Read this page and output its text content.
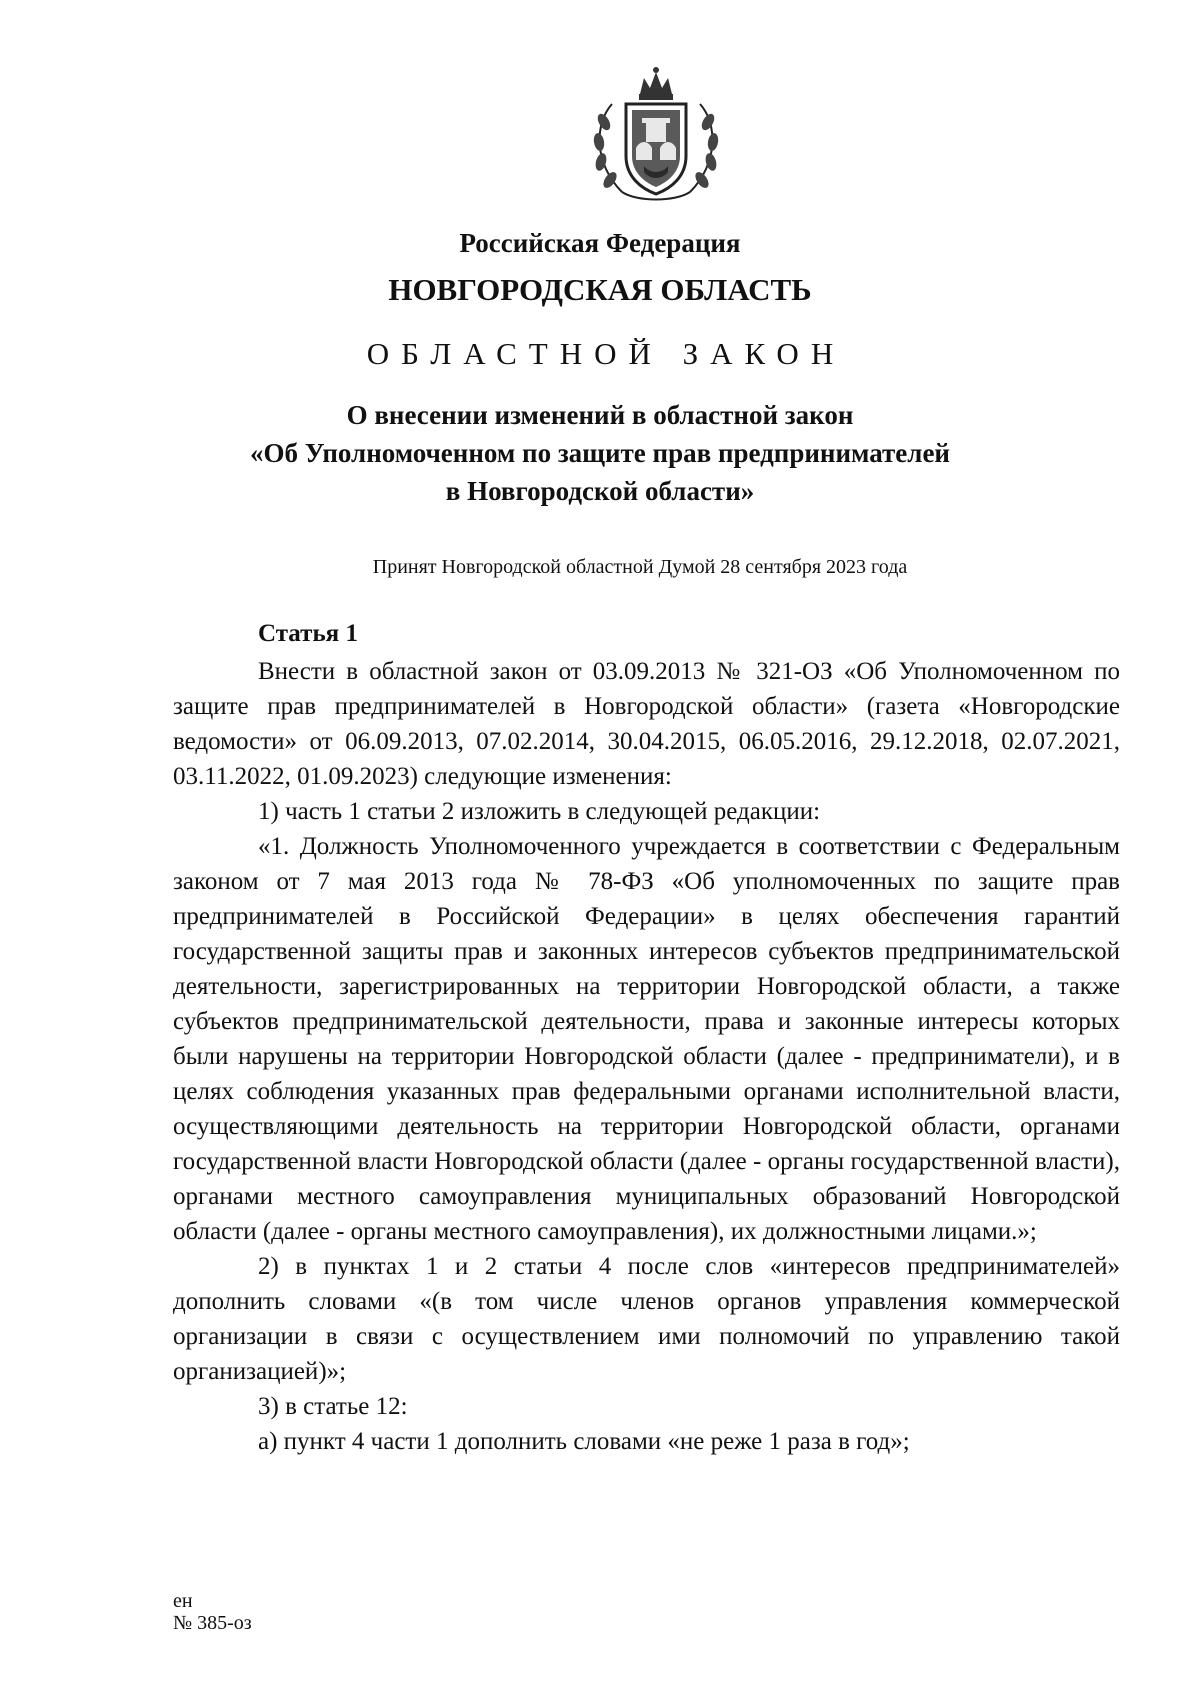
Российская Федерация

НОВГОРОДСКАЯ ОБЛАСТЬ

ОБЛАСТНОЙ ЗАКОН

О внесении изменений в областной закон
«Об Уполномоченном по защите прав предпринимателей
в Новгородской области»

Принят Новгородской областной Думой 28 сентября 2023 года

Статья 1

Внести в областной закон от 03.09.2013 № 321-ОЗ «Об Уполномоченном по защите прав предпринимателей в Новгородской области» (газета «Новгородские ведомости» от 06.09.2013, 07.02.2014, 30.04.2015, 06.05.2016, 29.12.2018, 02.07.2021, 03.11.2022, 01.09.2023) следующие изменения:

1) часть 1 статьи 2 изложить в следующей редакции:

«1. Должность Уполномоченного учреждается в соответствии с Федеральным законом от 7 мая 2013 года № 78-ФЗ «Об уполномоченных по защите прав предпринимателей в Российской Федерации» в целях обеспечения гарантий государственной защиты прав и законных интересов субъектов предпринимательской деятельности, зарегистрированных на территории Новгородской области, а также субъектов предпринимательской деятельности, права и законные интересы которых были нарушены на территории Новгородской области (далее - предприниматели), и в целях соблюдения указанных прав федеральными органами исполнительной власти, осуществляющими деятельность на территории Новгородской области, органами государственной власти Новгородской области (далее - органы государственной власти), органами местного самоуправления муниципальных образований Новгородской области (далее - органы местного самоуправления), их должностными лицами.»;

2) в пунктах 1 и 2 статьи 4 после слов «интересов предпринимателей» дополнить словами «(в том числе членов органов управления коммерческой организации в связи с осуществлением ими полномочий по управлению такой организацией)»;

3) в статье 12:

а) пункт 4 части 1 дополнить словами «не реже 1 раза в год»;

ен
№ 385-оз
